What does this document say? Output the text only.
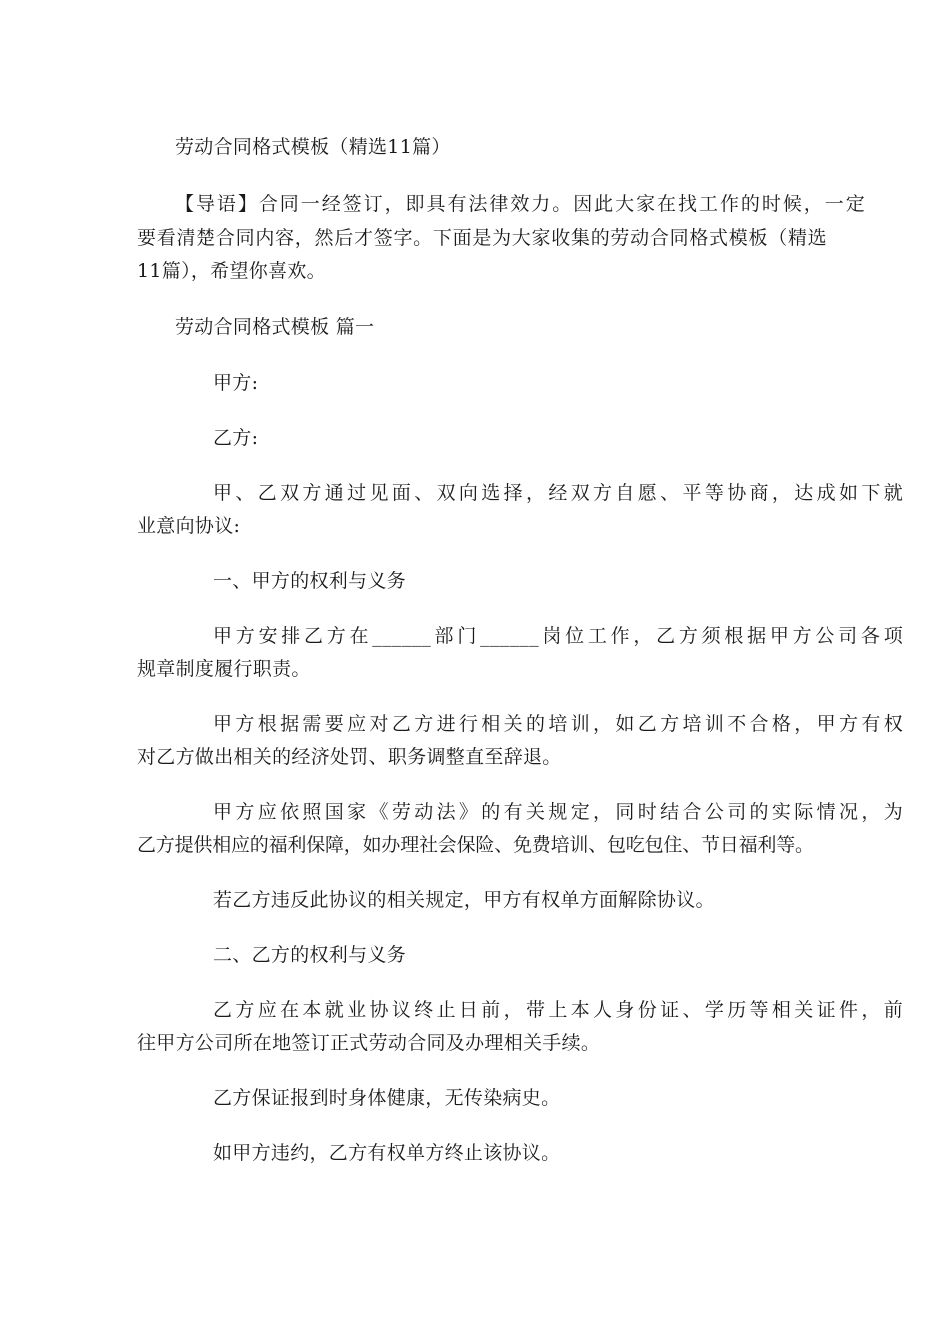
劳动合同格式模板（精选11篇）
【导语】合同一经签订，即具有法律效力。因此大家在找工作的时候，一定
要看清楚合同内容，然后才签字。下面是为大家收集的劳动合同格式模板（精选
11篇），希望你喜欢。
劳动合同格式模板 篇一
甲方:
乙方:
甲、乙双方通过见面、双向选择，经双方自愿、平等协商，达成如下就
业意向协议:
一、甲方的权利与义务
甲方安排乙方在______部门______岗位工作，乙方须根据甲方公司各项
规章制度履行职责。
甲方根据需要应对乙方进行相关的培训，如乙方培训不合格，甲方有权
对乙方做出相关的经济处罚、职务调整直至辞退。
甲方应依照国家《劳动法》的有关规定，同时结合公司的实际情况，为
乙方提供相应的福利保障，如办理社会保险、免费培训、包吃包住、节日福利等。
若乙方违反此协议的相关规定，甲方有权单方面解除协议。
二、乙方的权利与义务
乙方应在本就业协议终止日前，带上本人身份证、学历等相关证件，前
往甲方公司所在地签订正式劳动合同及办理相关手续。
乙方保证报到时身体健康，无传染病史。
如甲方违约，乙方有权单方终止该协议。
